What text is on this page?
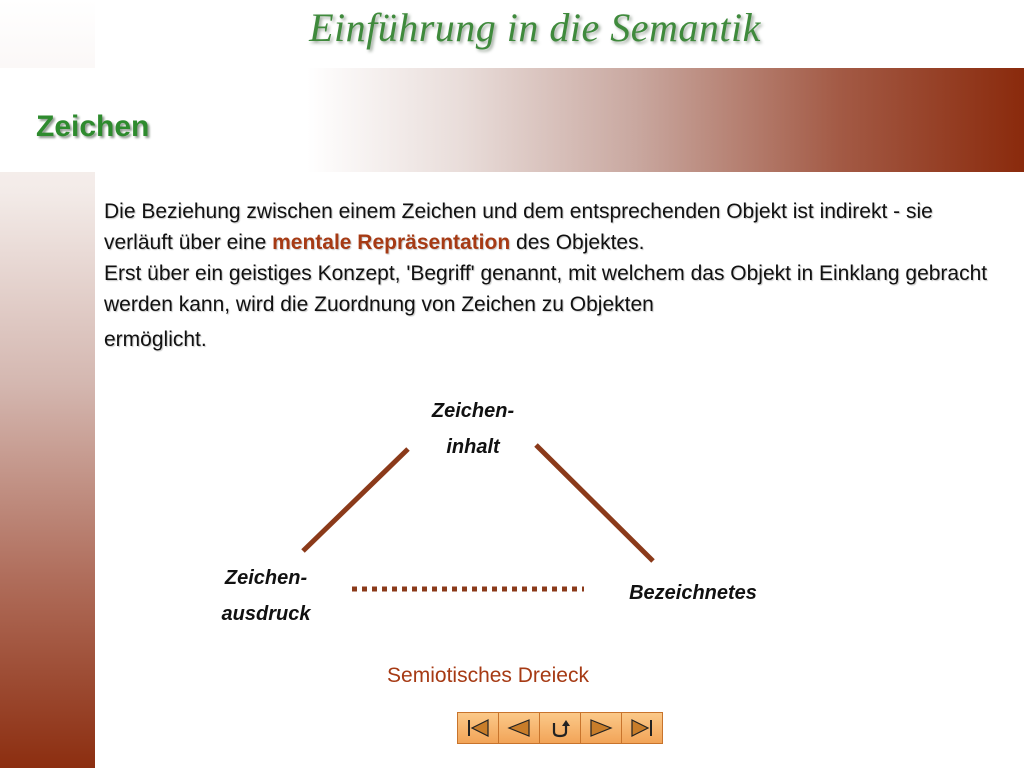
Einführung in die Semantik
Zeichen
Die Beziehung zwischen einem Zeichen und dem entsprechenden Objekt ist indirekt - sie verläuft über eine mentale Repräsentation des Objektes.
Erst über ein geistiges Konzept, 'Begriff' genannt, mit welchem das Objekt in Einklang gebracht werden kann, wird die Zuordnung von Zeichen zu Objekten
ermöglicht.
Zeichen-
inhalt
Zeichen-
ausdruck
Bezeichnetes
Semiotisches Dreieck
